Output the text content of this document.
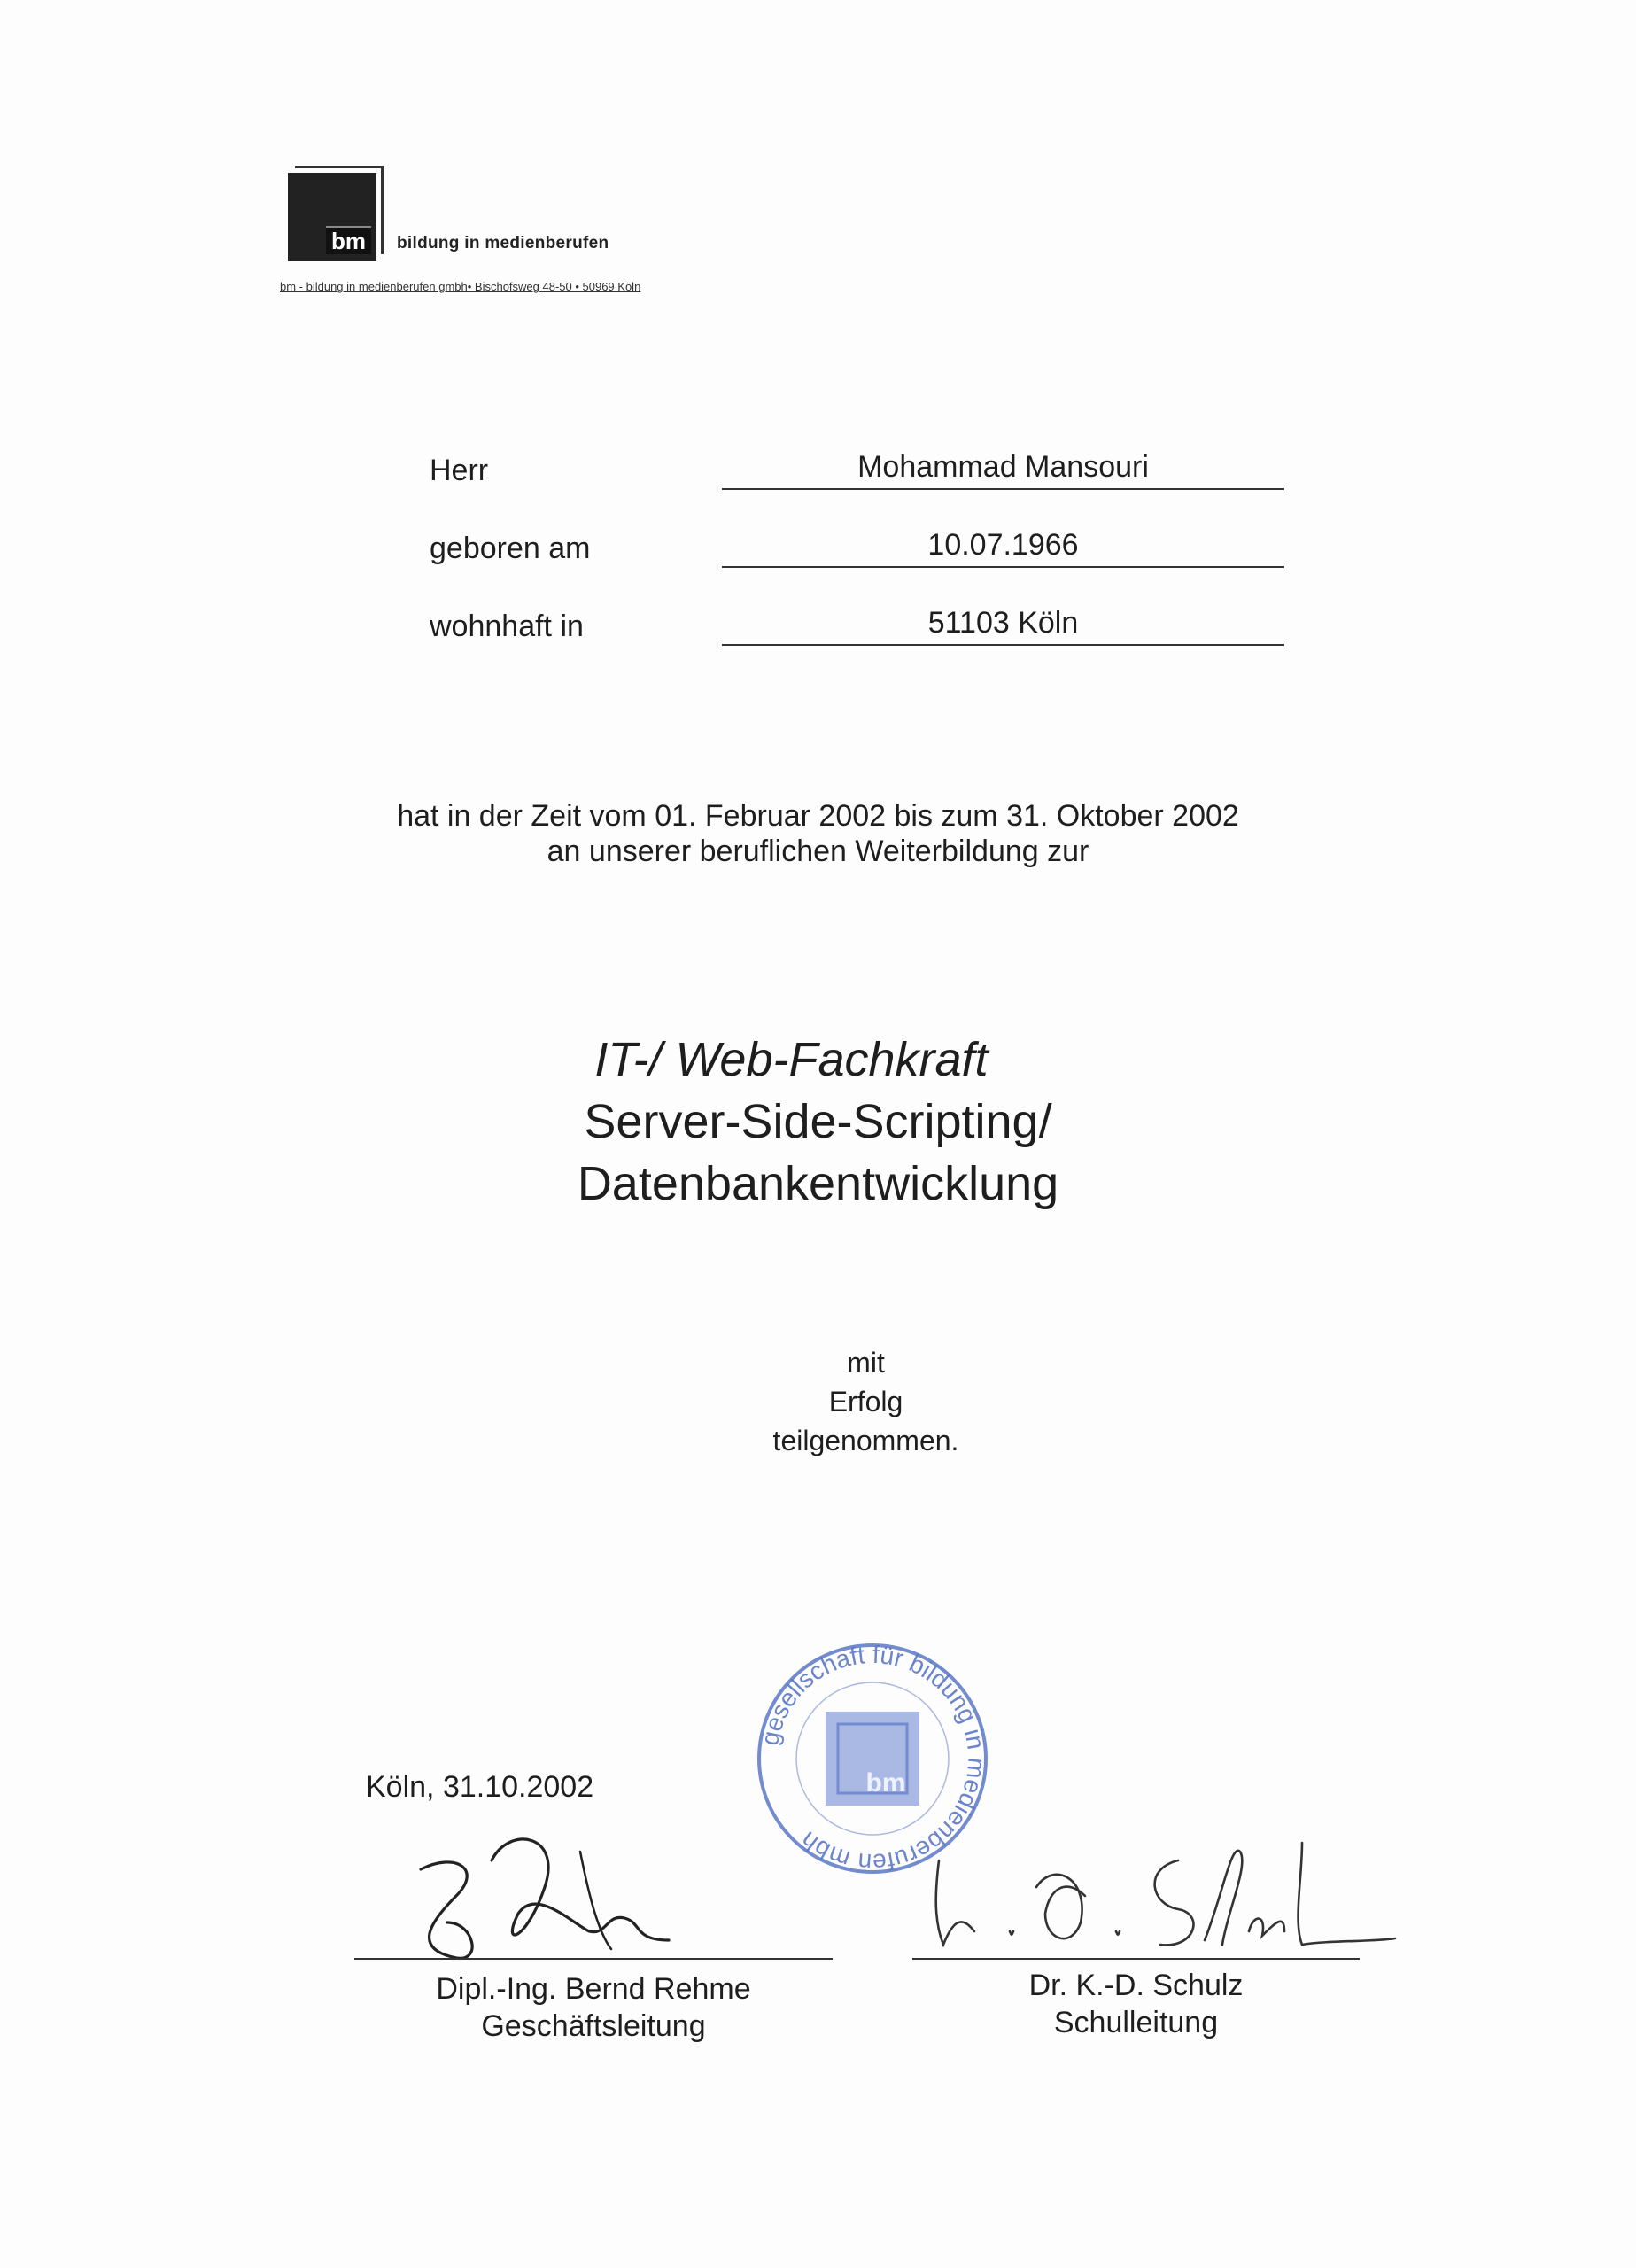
bm	bildung in medienberufen
bm - bildung in medienberufen gmbh• Bischofsweg 48-50 • 50969 Köln
Herr	Mohammad Mansouri
geboren am	10.07.1966
wohnhaft in	51103 Köln
hat in der Zeit vom 01. Februar 2002 bis zum 31. Oktober 2002
an unserer beruflichen Weiterbildung zur
IT-/ Web-Fachkraft
Server-Side-Scripting/
Datenbankentwicklung
mit
Erfolg
teilgenommen.
Köln, 31.10.2002
gesellschaft für bildung in medienberufen mbh
bm
Dipl.-Ing. Bernd Rehme
Geschäftsleitung
Dr. K.-D. Schulz
Schulleitung
